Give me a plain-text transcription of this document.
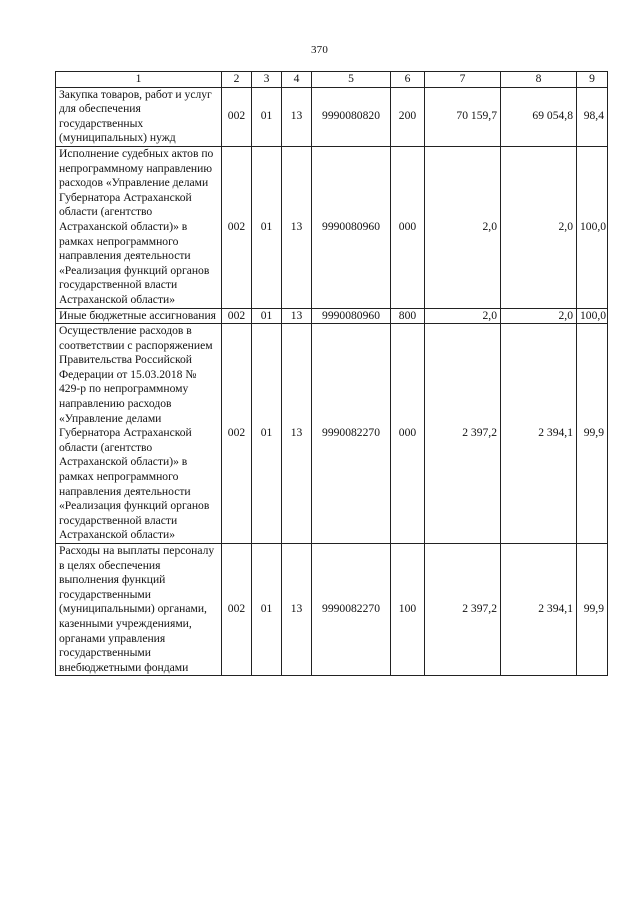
370
1	2	3	4	5	6	7	8	9
Закупка товаров, работ и услуг для обеспечения государственных (муниципальных) нужд	002	01	13	9990080820	200	70 159,7	69 054,8	98,4
Исполнение судебных актов по непрограммному направлению расходов «Управление делами Губернатора Астраханской области (агентство Астраханской области)» в рамках непрограммного направления деятельности «Реализация функций органов государственной власти Астраханской области»	002	01	13	9990080960	000	2,0	2,0	100,0
Иные бюджетные ассигнования	002	01	13	9990080960	800	2,0	2,0	100,0
Осуществление расходов в соответствии с распоряжением Правительства Российской Федерации от 15.03.2018 № 429-р по непрограммному направлению расходов «Управление делами Губернатора Астраханской области (агентство Астраханской области)» в рамках непрограммного направления деятельности «Реализация функций органов государственной власти Астраханской области»	002	01	13	9990082270	000	2 397,2	2 394,1	99,9
Расходы на выплаты персоналу в целях обеспечения выполнения функций государственными (муниципальными) органами, казенными учреждениями, органами управления государственными внебюджетными фондами	002	01	13	9990082270	100	2 397,2	2 394,1	99,9
